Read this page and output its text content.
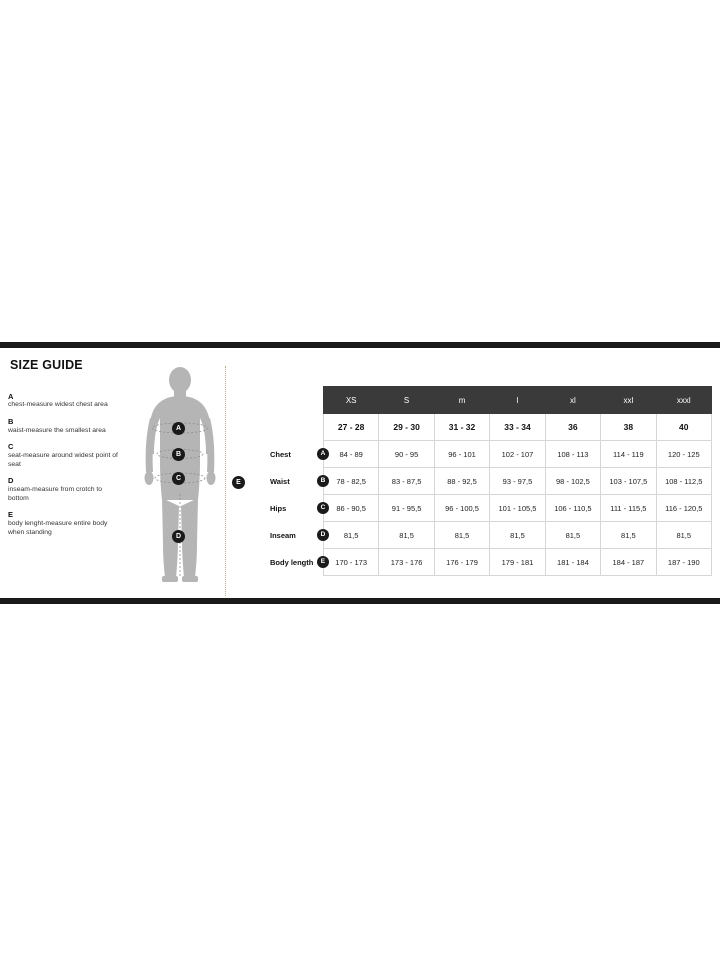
SIZE GUIDE
A
chest-measure widest chest area
B
waist-measure the smallest area
C
seat-measure around widest point of seat
D
inseam-measure from crotch to bottom
E
body lenght-measure entire body when standing
A
B
C
D
E
	XS	S	m	l	xl	xxl	xxxl
	27 - 28	29 - 30	31 - 32	33 - 34	36	38	40
Chest A	84 - 89	90 - 95	96 - 101	102 - 107	108 - 113	114 - 119	120 - 125
Waist B	78 - 82,5	83 - 87,5	88 - 92,5	93 - 97,5	98 - 102,5	103 - 107,5	108 - 112,5
Hips C	86 - 90,5	91 - 95,5	96 - 100,5	101 - 105,5	106 - 110,5	111 - 115,5	116 - 120,5
Inseam D	81,5	81,5	81,5	81,5	81,5	81,5	81,5
Body length E	170 - 173	173 - 176	176 - 179	179 - 181	181 - 184	184 - 187	187 - 190
